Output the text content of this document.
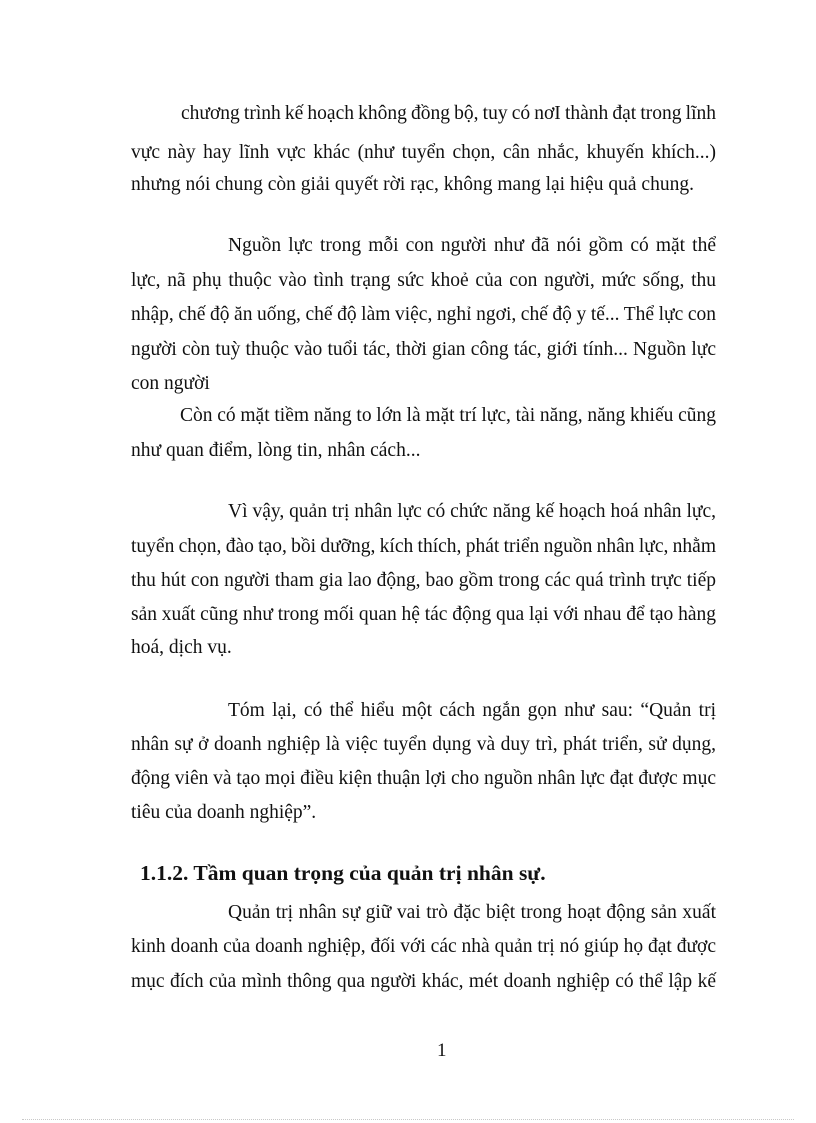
chương trình kế hoạch không đồng bộ, tuy có nơI thành đạt trong lĩnh

vực này hay lĩnh vực khác (như tuyển chọn, cân nhắc, khuyến khích...)

nhưng nói chung còn giải quyết rời rạc, không mang lại hiệu quả chung.

Nguồn lực trong mỗi con người như đã nói gồm có mặt thể

lực, nã phụ thuộc vào tình trạng sức khoẻ của con người, mức sống, thu

nhập, chế độ ăn uống, chế độ làm việc, nghỉ ngơi, chế độ y tế... Thể lực con

người còn tuỳ thuộc vào tuổi tác, thời gian công tác, giới tính... Nguồn lực

con người

Còn có mặt tiềm năng to lớn là mặt trí lực, tài năng, năng khiếu cũng

như quan điểm, lòng tin, nhân cách...

Vì vậy, quản trị nhân lực có chức năng kế hoạch hoá nhân lực,

tuyển chọn, đào tạo, bồi dưỡng, kích thích, phát triển nguồn nhân lực, nhằm

thu hút con người tham gia lao động, bao gồm trong các quá trình trực tiếp

sản xuất cũng như trong mối quan hệ tác động qua lại với nhau để tạo hàng

hoá, dịch vụ.

Tóm lại, có thể hiểu một cách ngắn gọn như sau: “Quản trị

nhân sự ở doanh nghiệp là việc tuyển dụng và duy trì, phát triển, sử dụng,

động viên và tạo mọi điều kiện thuận lợi cho nguồn nhân lực đạt được mục

tiêu của doanh nghiệp”.

1.1.2. Tầm quan trọng của quản trị nhân sự.

Quản trị nhân sự giữ vai trò đặc biệt trong hoạt động sản xuất

kinh doanh của doanh nghiệp, đối với các nhà quản trị nó giúp họ đạt được

mục đích của mình thông qua người khác, mét doanh nghiệp có thể lập kế

1
